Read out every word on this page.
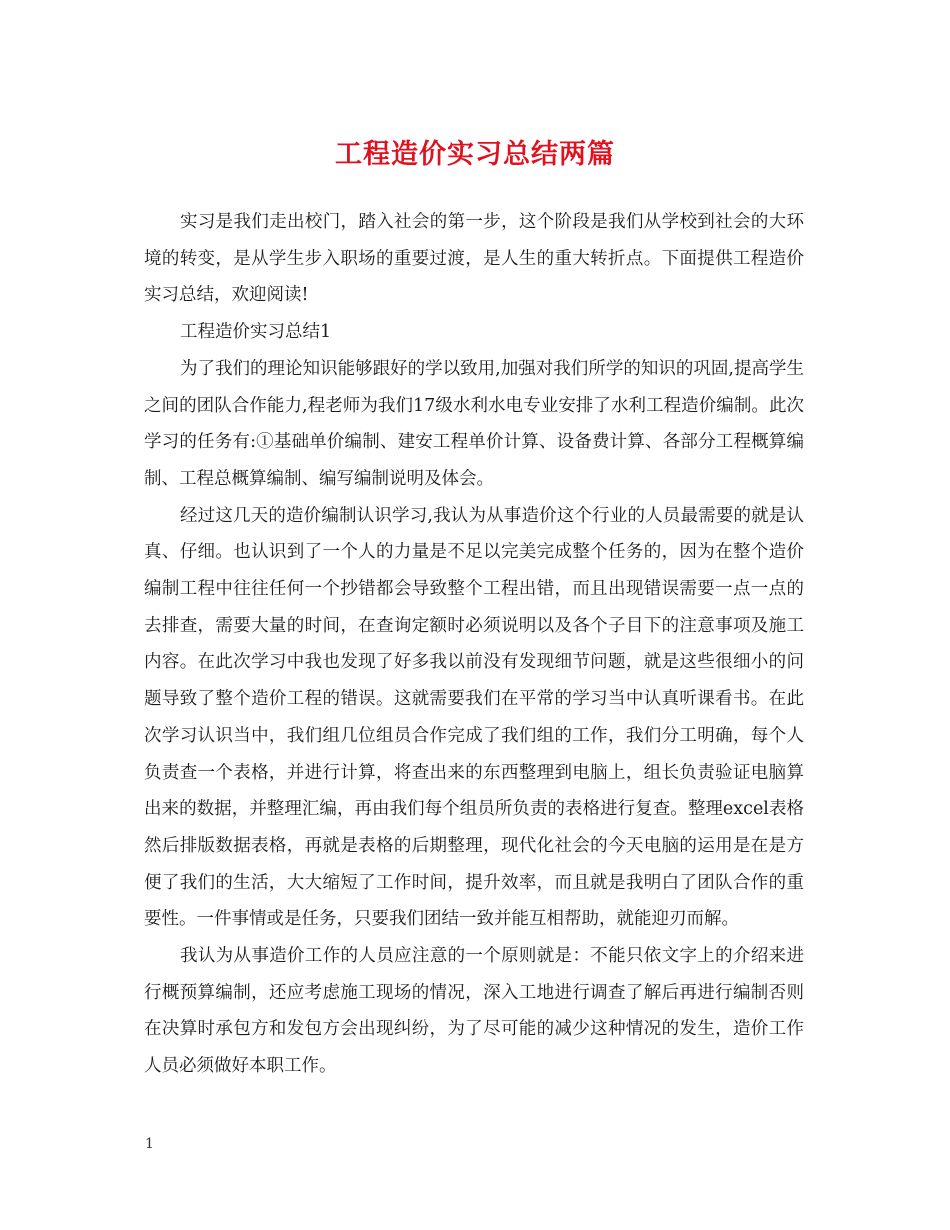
工程造价实习总结两篇

实习是我们走出校门，踏入社会的第一步，这个阶段是我们从学校到社会的大环境的转变，是从学生步入职场的重要过渡，是人生的重大转折点。下面提供工程造价实习总结，欢迎阅读!

工程造价实习总结1

为了我们的理论知识能够跟好的学以致用,加强对我们所学的知识的巩固,提高学生之间的团队合作能力,程老师为我们17级水利水电专业安排了水利工程造价编制。此次学习的任务有:①基础单价编制、建安工程单价计算、设备费计算、各部分工程概算编制、工程总概算编制、编写编制说明及体会。

经过这几天的造价编制认识学习,我认为从事造价这个行业的人员最需要的就是认真、仔细。也认识到了一个人的力量是不足以完美完成整个任务的，因为在整个造价编制工程中往往任何一个抄错都会导致整个工程出错，而且出现错误需要一点一点的去排查，需要大量的时间，在查询定额时必须说明以及各个子目下的注意事项及施工内容。在此次学习中我也发现了好多我以前没有发现细节问题，就是这些很细小的问题导致了整个造价工程的错误。这就需要我们在平常的学习当中认真听课看书。在此次学习认识当中，我们组几位组员合作完成了我们组的工作，我们分工明确，每个人负责查一个表格，并进行计算，将查出来的东西整理到电脑上，组长负责验证电脑算出来的数据，并整理汇编，再由我们每个组员所负责的表格进行复查。整理excel表格然后排版数据表格，再就是表格的后期整理，现代化社会的今天电脑的运用是在是方便了我们的生活，大大缩短了工作时间，提升效率，而且就是我明白了团队合作的重要性。一件事情或是任务，只要我们团结一致并能互相帮助，就能迎刃而解。

我认为从事造价工作的人员应注意的一个原则就是：不能只依文字上的介绍来进行概预算编制，还应考虑施工现场的情况，深入工地进行调查了解后再进行编制否则在决算时承包方和发包方会出现纠纷，为了尽可能的减少这种情况的发生，造价工作人员必须做好本职工作。

1
